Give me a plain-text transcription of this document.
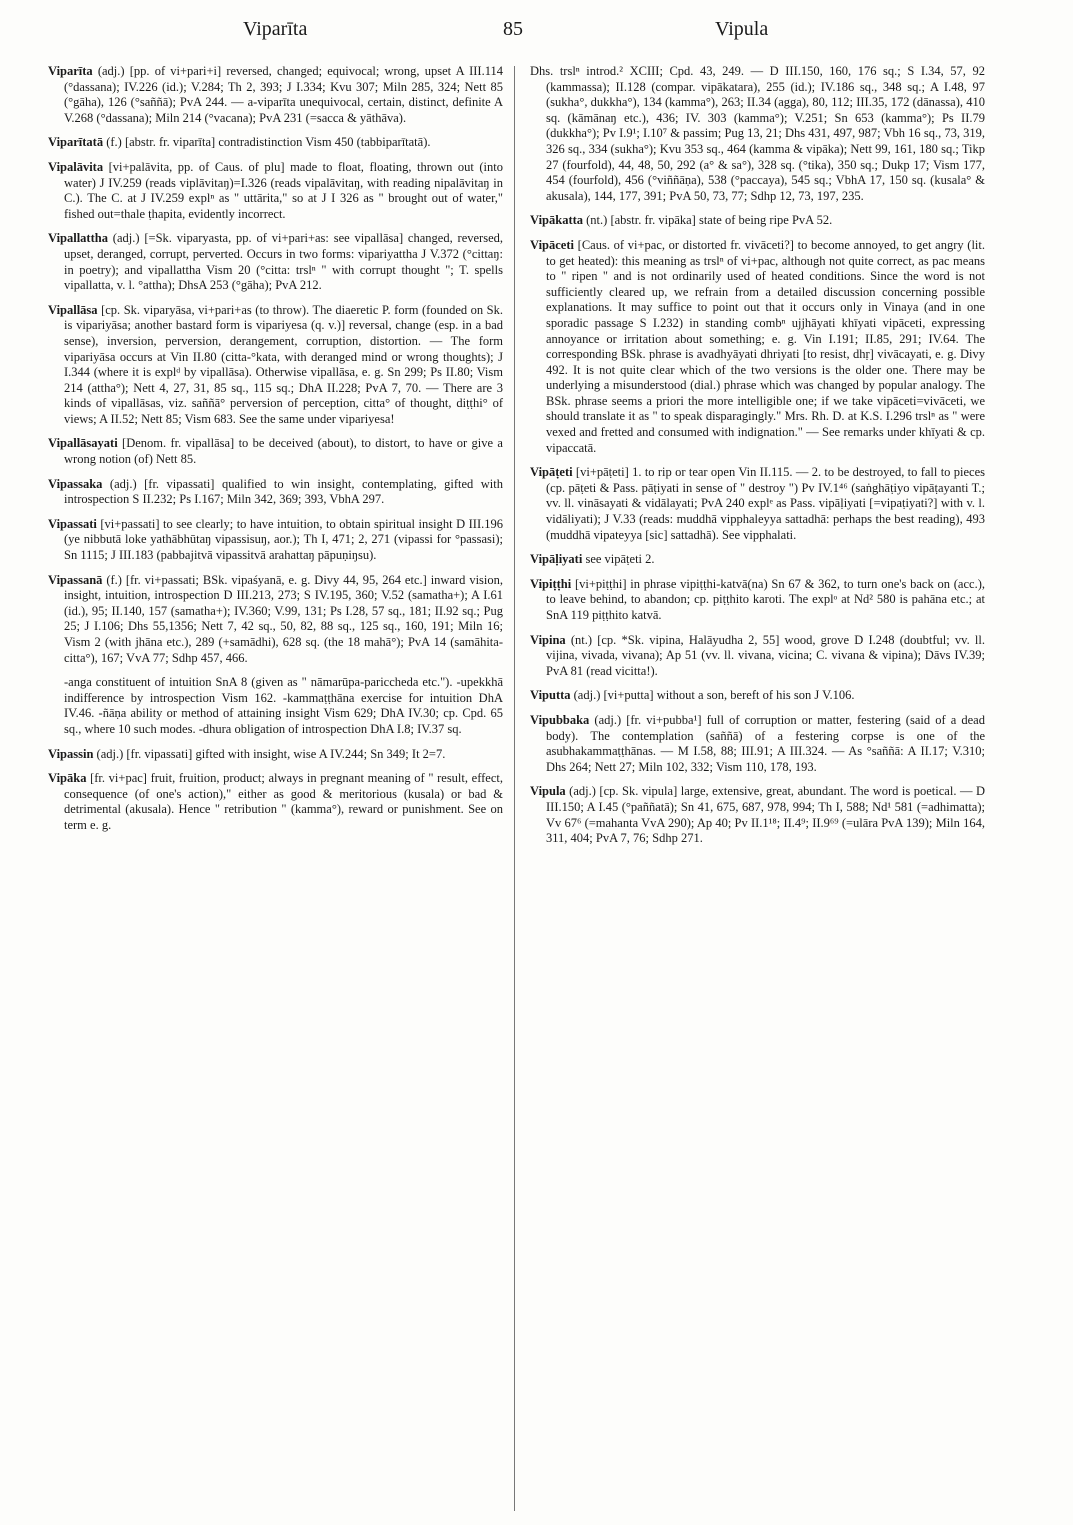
Viparīta	85	Vipula

Viparīta (adj.) [pp. of vi+pari+i] reversed, changed; equivocal; wrong, upset A III.114 (°dassana); IV.226 (id.); V.284; Th 2, 393; J I.334; Kvu 307; Miln 285, 324; Nett 85 (°gāha), 126 (°saññā); PvA 244. — a-viparīta unequivocal, certain, distinct, definite A V.268 (°dassana); Miln 214 (°vacana); PvA 231 (=sacca & yāthāva).

Viparītatā (f.) [abstr. fr. viparīta] contradistinction Vism 450 (tabbiparītatā).

Vipalāvita [vi+palāvita, pp. of Caus. of plu] made to float, floating, thrown out (into water) J IV.259 (reads viplāvitaŋ)=I.326 (reads vipalāvitaŋ, with reading nipalāvitaŋ in C.). The C. at J IV.259 explⁿ as " uttārita," so at J I 326 as " brought out of water," fished out=thale ṭhapita, evidently incorrect.

Vipallattha (adj.) [=Sk. viparyasta, pp. of vi+pari+as: see vipallāsa] changed, reversed, upset, deranged, corrupt, perverted. Occurs in two forms: vipariyattha J V.372 (°cittaŋ: in poetry); and vipallattha Vism 20 (°citta: trslⁿ " with corrupt thought "; T. spells vipallatta, v. l. °attha); DhsA 253 (°gāha); PvA 212.

Vipallāsa [cp. Sk. viparyāsa, vi+pari+as (to throw). The diaeretic P. form (founded on Sk. is vipariyāsa; another bastard form is vipariyesa (q. v.)] reversal, change (esp. in a bad sense), inversion, perversion, derangement, corruption, distortion. — The form vipariyāsa occurs at Vin II.80 (citta-°kata, with deranged mind or wrong thoughts); J I.344 (where it is explᵈ by vipallāsa). Otherwise vipallāsa, e. g. Sn 299; Ps II.80; Vism 214 (attha°); Nett 4, 27, 31, 85 sq., 115 sq.; DhA II.228; PvA 7, 70. — There are 3 kinds of vipallāsas, viz. saññā° perversion of perception, citta° of thought, diṭṭhi° of views; A II.52; Nett 85; Vism 683. See the same under vipariyesa!

Vipallāsayati [Denom. fr. vipallāsa] to be deceived (about), to distort, to have or give a wrong notion (of) Nett 85.

Vipassaka (adj.) [fr. vipassati] qualified to win insight, contemplating, gifted with introspection S II.232; Ps I.167; Miln 342, 369; 393, VbhA 297.

Vipassati [vi+passati] to see clearly; to have intuition, to obtain spiritual insight D III.196 (ye nibbutā loke yathābhūtaŋ vipassisuŋ, aor.); Th I, 471; 2, 271 (vipassi for °passasi); Sn 1115; J III.183 (pabbajitvā vipassitvā arahattaŋ pāpuṇiŋsu).

Vipassanā (f.) [fr. vi+passati; BSk. vipaśyanā, e. g. Divy 44, 95, 264 etc.] inward vision, insight, intuition, introspection D III.213, 273; S IV.195, 360; V.52 (samatha+); A I.61 (id.), 95; II.140, 157 (samatha+); IV.360; V.99, 131; Ps I.28, 57 sq., 181; II.92 sq.; Pug 25; J I.106; Dhs 55,1356; Nett 7, 42 sq., 50, 82, 88 sq., 125 sq., 160, 191; Miln 16; Vism 2 (with jhāna etc.), 289 (+samādhi), 628 sq. (the 18 mahā°); PvA 14 (samāhita-citta°), 167; VvA 77; Sdhp 457, 466.

-anga constituent of intuition SnA 8 (given as " nāmarūpa-pariccheda etc."). -upekkhā indifference by introspection Vism 162. -kammaṭṭhāna exercise for intuition DhA IV.46. -ñāṇa ability or method of attaining insight Vism 629; DhA IV.30; cp. Cpd. 65 sq., where 10 such modes. -dhura obligation of introspection DhA I.8; IV.37 sq.

Vipassin (adj.) [fr. vipassati] gifted with insight, wise A IV.244; Sn 349; It 2=7.

Vipāka [fr. vi+pac] fruit, fruition, product; always in pregnant meaning of " result, effect, consequence (of one's action)," either as good & meritorious (kusala) or bad & detrimental (akusala). Hence " retribution " (kamma°), reward or punishment. See on term e. g.

Dhs. trslⁿ introd.² XCIII; Cpd. 43, 249. — D III.150, 160, 176 sq.; S I.34, 57, 92 (kammassa); II.128 (compar. vipākatara), 255 (id.); IV.186 sq., 348 sq.; A I.48, 97 (sukha°, dukkha°), 134 (kamma°), 263; II.34 (agga), 80, 112; III.35, 172 (dānassa), 410 sq. (kāmānaŋ etc.), 436; IV. 303 (kamma°); V.251; Sn 653 (kamma°); Ps II.79 (dukkha°); Pv I.9¹; I.10⁷ & passim; Pug 13, 21; Dhs 431, 497, 987; Vbh 16 sq., 73, 319, 326 sq., 334 (sukha°); Kvu 353 sq., 464 (kamma & vipāka); Nett 99, 161, 180 sq.; Tikp 27 (fourfold), 44, 48, 50, 292 (a° & sa°), 328 sq. (°tika), 350 sq.; Dukp 17; Vism 177, 454 (fourfold), 456 (°viññāṇa), 538 (°paccaya), 545 sq.; VbhA 17, 150 sq. (kusala° & akusala), 144, 177, 391; PvA 50, 73, 77; Sdhp 12, 73, 197, 235.

Vipākatta (nt.) [abstr. fr. vipāka] state of being ripe PvA 52.

Vipāceti [Caus. of vi+pac, or distorted fr. vivāceti?] to become annoyed, to get angry (lit. to get heated): this meaning as trslⁿ of vi+pac, although not quite correct, as pac means to " ripen " and is not ordinarily used of heated conditions. Since the word is not sufficiently cleared up, we refrain from a detailed discussion concerning possible explanations. It may suffice to point out that it occurs only in Vinaya (and in one sporadic passage S I.232) in standing combⁿ ujjhāyati khīyati vipāceti, expressing annoyance or irritation about something; e. g. Vin I.191; II.85, 291; IV.64. The corresponding BSk. phrase is avadhyāyati dhriyati [to resist, dhṛ] vivācayati, e. g. Divy 492. It is not quite clear which of the two versions is the older one. There may be underlying a misunderstood (dial.) phrase which was changed by popular analogy. The BSk. phrase seems a priori the more intelligible one; if we take vipāceti=vivāceti, we should translate it as " to speak disparagingly." Mrs. Rh. D. at K.S. I.296 trslⁿ as " were vexed and fretted and consumed with indignation." — See remarks under khīyati & cp. vipaccatā.

Vipāṭeti [vi+pāṭeti] 1. to rip or tear open Vin II.115. — 2. to be destroyed, to fall to pieces (cp. pāṭeti & Pass. pāṭiyati in sense of " destroy ") Pv IV.1⁴⁶ (saṅghāṭiyo vipāṭayanti T.; vv. ll. vināsayati & vidālayati; PvA 240 explᵉ as Pass. vipāḷiyati [=vipaṭiyati?] with v. l. vidāliyati); J V.33 (reads: muddhā vipphaleyya sattadhā: perhaps the best reading), 493 (muddhā vipateyya [sic] sattadhā). See vipphalati.

Vipāḷiyati see vipāṭeti 2.

Vipiṭṭhi [vi+piṭṭhi] in phrase vipiṭṭhi-katvā(na) Sn 67 & 362, to turn one's back on (acc.), to leave behind, to abandon; cp. piṭṭhito karoti. The explᵒ at Nd² 580 is pahāna etc.; at SnA 119 piṭṭhito katvā.

Vipina (nt.) [cp. *Sk. vipina, Halāyudha 2, 55] wood, grove D I.248 (doubtful; vv. ll. vijina, vivada, vivana); Ap 51 (vv. ll. vivana, vicina; C. vivana & vipina); Dāvs IV.39; PvA 81 (read vicitta!).

Viputta (adj.) [vi+putta] without a son, bereft of his son J V.106.

Vipubbaka (adj.) [fr. vi+pubba¹] full of corruption or matter, festering (said of a dead body). The contemplation (saññā) of a festering corpse is one of the asubhakammaṭṭhānas. — M I.58, 88; III.91; A III.324. — As °saññā: A II.17; V.310; Dhs 264; Nett 27; Miln 102, 332; Vism 110, 178, 193.

Vipula (adj.) [cp. Sk. vipula] large, extensive, great, abundant. The word is poetical. — D III.150; A I.45 (°paññatā); Sn 41, 675, 687, 978, 994; Th I, 588; Nd¹ 581 (=adhimatta); Vv 67⁶ (=mahanta VvA 290); Ap 40; Pv II.1¹⁸; II.4⁹; II.9⁶⁹ (=ulāra PvA 139); Miln 164, 311, 404; PvA 7, 76; Sdhp 271.
